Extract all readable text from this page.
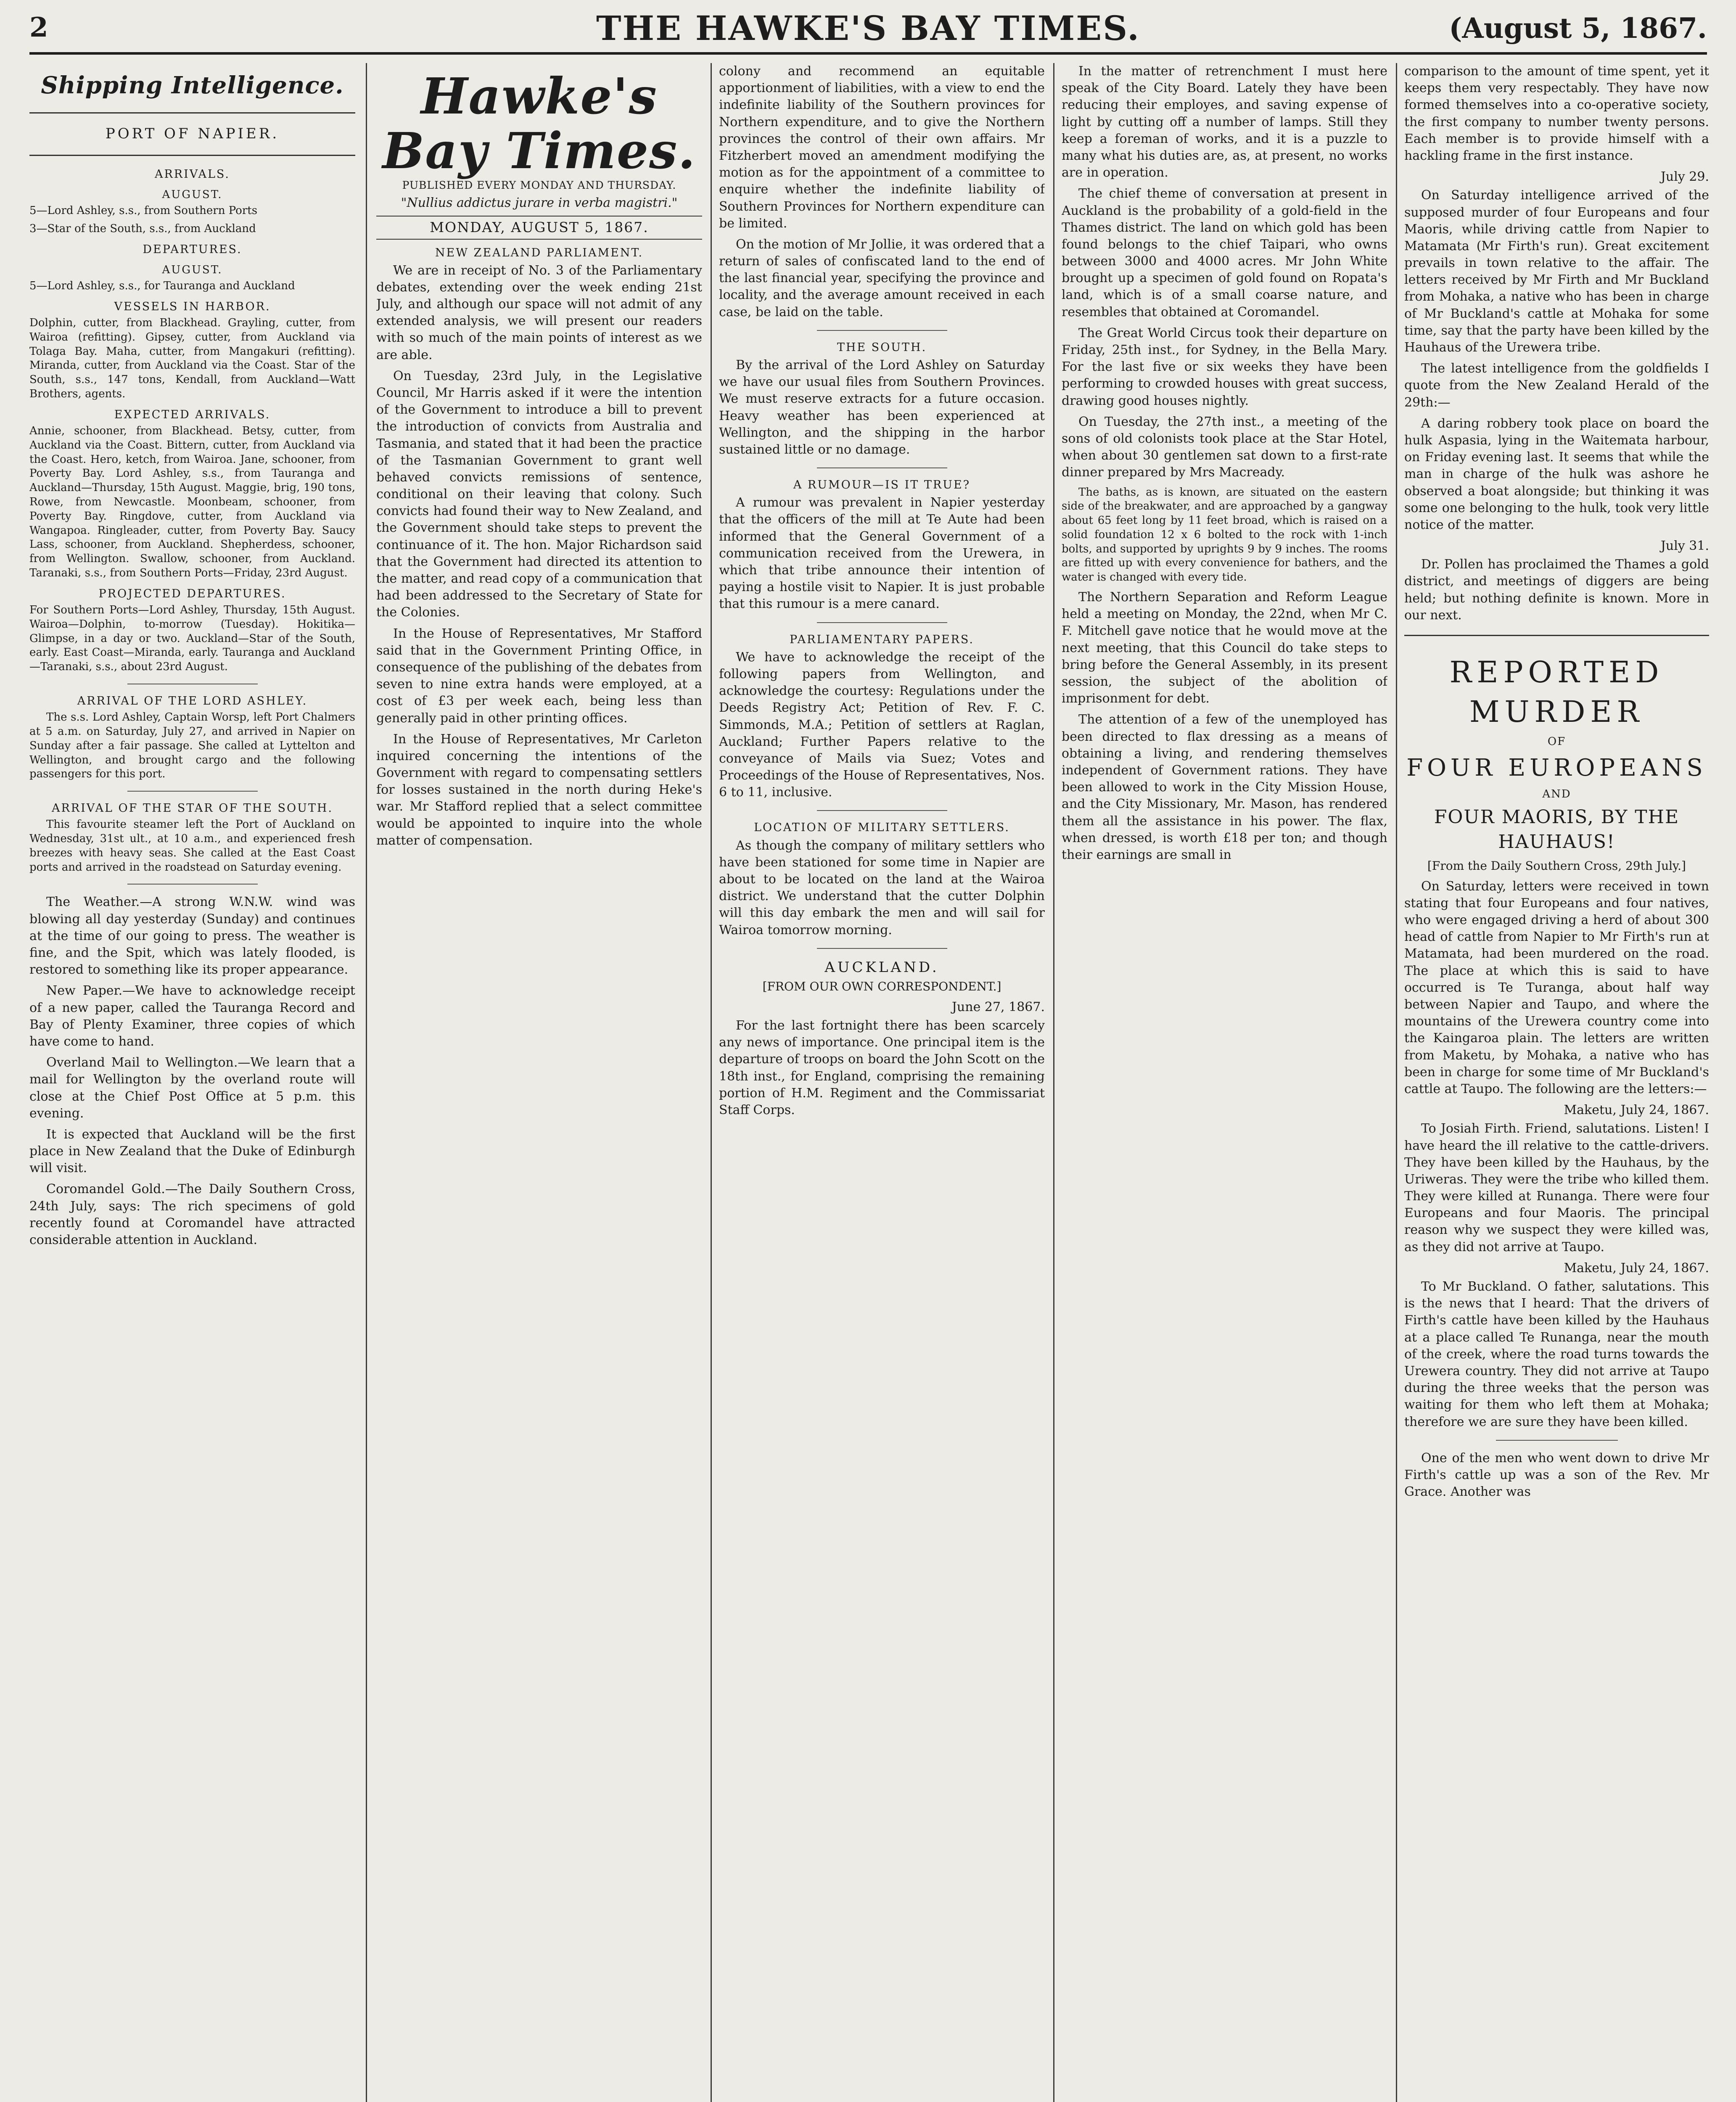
2	THE HAWKE'S BAY TIMES.	(August 5, 1867.
Shipping Intelligence.
PORT OF NAPIER.
ARRIVALS.
AUGUST.

5—Lord Ashley, s.s., from Southern Ports

3—Star of the South, s.s., from Auckland

DEPARTURES.
AUGUST.

5—Lord Ashley, s.s., for Tauranga and Auckland

VESSELS IN HARBOR.

Dolphin, cutter, from Blackhead. Grayling, cutter, from Wairoa (refitting). Gipsey, cutter, from Auckland via Tolaga Bay. Maha, cutter, from Mangakuri (refitting). Miranda, cutter, from Auckland via the Coast. Star of the South, s.s., 147 tons, Kendall, from Auckland—Watt Brothers, agents.

EXPECTED ARRIVALS.

Annie, schooner, from Blackhead. Betsy, cutter, from Auckland via the Coast. Bittern, cutter, from Auckland via the Coast. Hero, ketch, from Wairoa. Jane, schooner, from Poverty Bay. Lord Ashley, s.s., from Tauranga and Auckland—Thursday, 15th August. Maggie, brig, 190 tons, Rowe, from Newcastle. Moonbeam, schooner, from Poverty Bay. Ringdove, cutter, from Auckland via Wangapoa. Ringleader, cutter, from Poverty Bay. Saucy Lass, schooner, from Auckland. Shepherdess, schooner, from Wellington. Swallow, schooner, from Auckland. Taranaki, s.s., from Southern Ports—Friday, 23rd August.

PROJECTED DEPARTURES.

For Southern Ports—Lord Ashley, Thursday, 15th August. Wairoa—Dolphin, to-morrow (Tuesday). Hokitika—Glimpse, in a day or two. Auckland—Star of the South, early. East Coast—Miranda, early. Tauranga and Auckland—Taranaki, s.s., about 23rd August.

ARRIVAL OF THE LORD ASHLEY.

The s.s. Lord Ashley, Captain Worsp, left Port Chalmers at 5 a.m. on Saturday, July 27, and arrived in Napier on Sunday after a fair passage. She called at Lyttelton and Wellington, and brought cargo and the following passengers for this port.

ARRIVAL OF THE STAR OF THE SOUTH.

This favourite steamer left the Port of Auckland on Wednesday, 31st ult., at 10 a.m., and experienced fresh breezes with heavy seas. She called at the East Coast ports and arrived in the roadstead on Saturday evening.

The Weather.—A strong W.N.W. wind was blowing all day yesterday (Sunday) and continues at the time of our going to press. The weather is fine, and the Spit, which was lately flooded, is restored to something like its proper appearance.

New Paper.—We have to acknowledge receipt of a new paper, called the Tauranga Record and Bay of Plenty Examiner, three copies of which have come to hand.

Overland Mail to Wellington.—We learn that a mail for Wellington by the overland route will close at the Chief Post Office at 5 p.m. this evening.

It is expected that Auckland will be the first place in New Zealand that the Duke of Edinburgh will visit.

Coromandel Gold.—The Daily Southern Cross, 24th July, says: The rich specimens of gold recently found at Coromandel have attracted considerable attention in Auckland.

Hawke's Bay Times.
PUBLISHED EVERY MONDAY AND THURSDAY.
"Nullius addictus jurare in verba magistri."
MONDAY, AUGUST 5, 1867.
NEW ZEALAND PARLIAMENT.

We are in receipt of No. 3 of the Parliamentary debates, extending over the week ending 21st July, and although our space will not admit of any extended analysis, we will present our readers with so much of the main points of interest as we are able.

On Tuesday, 23rd July, in the Legislative Council, Mr Harris asked if it were the intention of the Government to introduce a bill to prevent the introduction of convicts from Australia and Tasmania, and stated that it had been the practice of the Tasmanian Government to grant well behaved convicts remissions of sentence, conditional on their leaving that colony. Such convicts had found their way to New Zealand, and the Government should take steps to prevent the continuance of it. The hon. Major Richardson said that the Government had directed its attention to the matter, and read copy of a communication that had been addressed to the Secretary of State for the Colonies.

In the House of Representatives, Mr Stafford said that in the Government Printing Office, in consequence of the publishing of the debates from seven to nine extra hands were employed, at a cost of £3 per week each, being less than generally paid in other printing offices.

In the House of Representatives, Mr Carleton inquired concerning the intentions of the Government with regard to compensating settlers for losses sustained in the north during Heke's war. Mr Stafford replied that a select committee would be appointed to inquire into the whole matter of compensation.

colony and recommend an equitable apportionment of liabilities, with a view to end the indefinite liability of the Southern provinces for Northern expenditure, and to give the Northern provinces the control of their own affairs. Mr Fitzherbert moved an amendment modifying the motion as for the appointment of a committee to enquire whether the indefinite liability of Southern Provinces for Northern expenditure can be limited.

On the motion of Mr Jollie, it was ordered that a return of sales of confiscated land to the end of the last financial year, specifying the province and locality, and the average amount received in each case, be laid on the table.

THE SOUTH.

By the arrival of the Lord Ashley on Saturday we have our usual files from Southern Provinces. We must reserve extracts for a future occasion. Heavy weather has been experienced at Wellington, and the shipping in the harbor sustained little or no damage.

A RUMOUR—IS IT TRUE?

A rumour was prevalent in Napier yesterday that the officers of the mill at Te Aute had been informed that the General Government of a communication received from the Urewera, in which that tribe announce their intention of paying a hostile visit to Napier. It is just probable that this rumour is a mere canard.

PARLIAMENTARY PAPERS.

We have to acknowledge the receipt of the following papers from Wellington, and acknowledge the courtesy: Regulations under the Deeds Registry Act; Petition of Rev. F. C. Simmonds, M.A.; Petition of settlers at Raglan, Auckland; Further Papers relative to the conveyance of Mails via Suez; Votes and Proceedings of the House of Representatives, Nos. 6 to 11, inclusive.

LOCATION OF MILITARY SETTLERS.

As though the company of military settlers who have been stationed for some time in Napier are about to be located on the land at the Wairoa district. We understand that the cutter Dolphin will this day embark the men and will sail for Wairoa tomorrow morning.

AUCKLAND.
[FROM OUR OWN CORRESPONDENT.]
June 27, 1867.

For the last fortnight there has been scarcely any news of importance. One principal item is the departure of troops on board the John Scott on the 18th inst., for England, comprising the remaining portion of H.M. Regiment and the Commissariat Staff Corps.

In the matter of retrenchment I must here speak of the City Board. Lately they have been reducing their employes, and saving expense of light by cutting off a number of lamps. Still they keep a foreman of works, and it is a puzzle to many what his duties are, as, at present, no works are in operation.

The chief theme of conversation at present in Auckland is the probability of a gold-field in the Thames district. The land on which gold has been found belongs to the chief Taipari, who owns between 3000 and 4000 acres. Mr John White brought up a specimen of gold found on Ropata's land, which is of a small coarse nature, and resembles that obtained at Coromandel.

The Great World Circus took their departure on Friday, 25th inst., for Sydney, in the Bella Mary. For the last five or six weeks they have been performing to crowded houses with great success, drawing good houses nightly.

On Tuesday, the 27th inst., a meeting of the sons of old colonists took place at the Star Hotel, when about 30 gentlemen sat down to a first-rate dinner prepared by Mrs Macready.

The baths, as is known, are situated on the eastern side of the breakwater, and are approached by a gangway about 65 feet long by 11 feet broad, which is raised on a solid foundation 12 x 6 bolted to the rock with 1-inch bolts, and supported by uprights 9 by 9 inches. The rooms are fitted up with every convenience for bathers, and the water is changed with every tide.

The Northern Separation and Reform League held a meeting on Monday, the 22nd, when Mr C. F. Mitchell gave notice that he would move at the next meeting, that this Council do take steps to bring before the General Assembly, in its present session, the subject of the abolition of imprisonment for debt.

The attention of a few of the unemployed has been directed to flax dressing as a means of obtaining a living, and rendering themselves independent of Government rations. They have been allowed to work in the City Mission House, and the City Missionary, Mr. Mason, has rendered them all the assistance in his power. The flax, when dressed, is worth £18 per ton; and though their earnings are small in

comparison to the amount of time spent, yet it keeps them very respectably. They have now formed themselves into a co-operative society, the first company to number twenty persons. Each member is to provide himself with a hackling frame in the first instance.

July 29.

On Saturday intelligence arrived of the supposed murder of four Europeans and four Maoris, while driving cattle from Napier to Matamata (Mr Firth's run). Great excitement prevails in town relative to the affair. The letters received by Mr Firth and Mr Buckland from Mohaka, a native who has been in charge of Mr Buckland's cattle at Mohaka for some time, say that the party have been killed by the Hauhaus of the Urewera tribe.

The latest intelligence from the goldfields I quote from the New Zealand Herald of the 29th:—

A daring robbery took place on board the hulk Aspasia, lying in the Waitemata harbour, on Friday evening last. It seems that while the man in charge of the hulk was ashore he observed a boat alongside; but thinking it was some one belonging to the hulk, took very little notice of the matter.

July 31.

Dr. Pollen has proclaimed the Thames a gold district, and meetings of diggers are being held; but nothing definite is known. More in our next.

REPORTED MURDER
OF
FOUR EUROPEANS
AND
FOUR MAORIS, BY THE HAUHAUS!
[From the Daily Southern Cross, 29th July.]

On Saturday, letters were received in town stating that four Europeans and four natives, who were engaged driving a herd of about 300 head of cattle from Napier to Mr Firth's run at Matamata, had been murdered on the road. The place at which this is said to have occurred is Te Turanga, about half way between Napier and Taupo, and where the mountains of the Urewera country come into the Kaingaroa plain. The letters are written from Maketu, by Mohaka, a native who has been in charge for some time of Mr Buckland's cattle at Taupo. The following are the letters:—

Maketu, July 24, 1867.

To Josiah Firth. Friend, salutations. Listen! I have heard the ill relative to the cattle-drivers. They have been killed by the Hauhaus, by the Uriweras. They were the tribe who killed them. They were killed at Runanga. There were four Europeans and four Maoris. The principal reason why we suspect they were killed was, as they did not arrive at Taupo.

Maketu, July 24, 1867.

To Mr Buckland. O father, salutations. This is the news that I heard: That the drivers of Firth's cattle have been killed by the Hauhaus at a place called Te Runanga, near the mouth of the creek, where the road turns towards the Urewera country. They did not arrive at Taupo during the three weeks that the person was waiting for them who left them at Mohaka; therefore we are sure they have been killed.

One of the men who went down to drive Mr Firth's cattle up was a son of the Rev. Mr Grace. Another was
